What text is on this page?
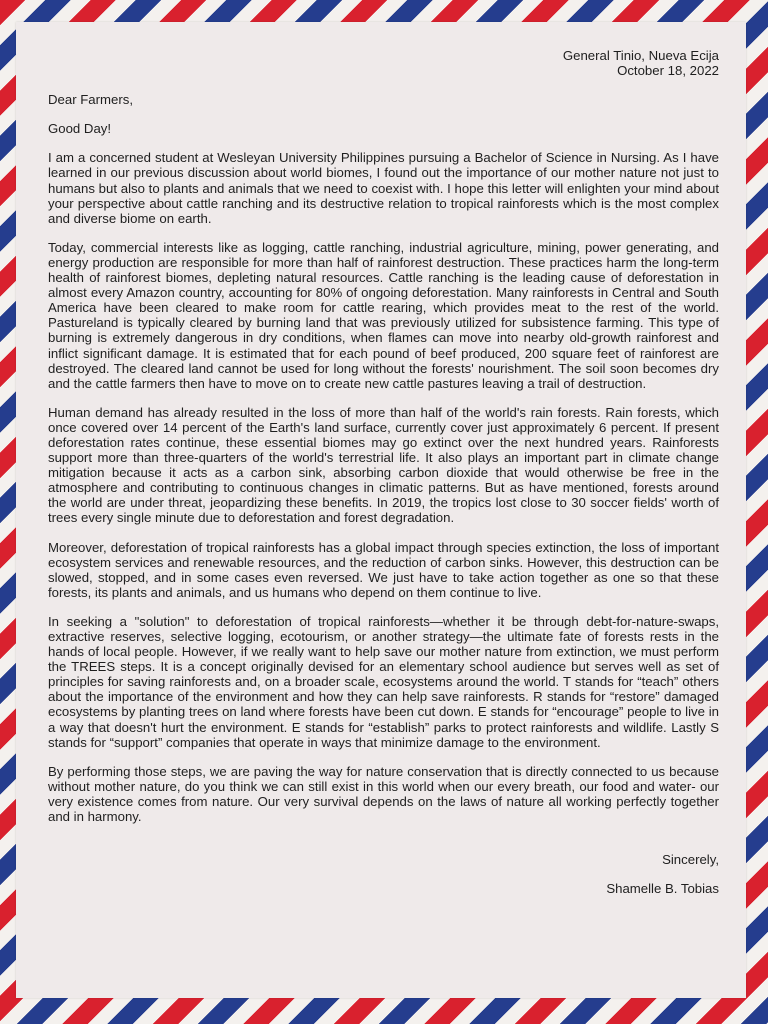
General Tinio, Nueva Ecija
October 18, 2022

Dear Farmers,

Good Day!

I am a concerned student at Wesleyan University Philippines pursuing a Bachelor of Science in Nursing. As I have learned in our previous discussion about world biomes, I found out the importance of our mother nature not just to humans but also to plants and animals that we need to coexist with. I hope this letter will enlighten your mind about your perspective about cattle ranching and its destructive relation to tropical rainforests which is the most complex and diverse biome on earth.

Today, commercial interests like as logging, cattle ranching, industrial agriculture, mining, power generating, and energy production are responsible for more than half of rainforest destruction. These practices harm the long-term health of rainforest biomes, depleting natural resources. Cattle ranching is the leading cause of deforestation in almost every Amazon country, accounting for 80% of ongoing deforestation. Many rainforests in Central and South America have been cleared to make room for cattle rearing, which provides meat to the rest of the world. Pastureland is typically cleared by burning land that was previously utilized for subsistence farming. This type of burning is extremely dangerous in dry conditions, when flames can move into nearby old-growth rainforest and inflict significant damage. It is estimated that for each pound of beef produced, 200 square feet of rainforest are destroyed. The cleared land cannot be used for long without the forests' nourishment. The soil soon becomes dry and the cattle farmers then have to move on to create new cattle pastures leaving a trail of destruction.

Human demand has already resulted in the loss of more than half of the world's rain forests. Rain forests, which once covered over 14 percent of the Earth's land surface, currently cover just approximately 6 percent. If present deforestation rates continue, these essential biomes may go extinct over the next hundred years. Rainforests support more than three-quarters of the world's terrestrial life. It also plays an important part in climate change mitigation because it acts as a carbon sink, absorbing carbon dioxide that would otherwise be free in the atmosphere and contributing to continuous changes in climatic patterns. But as have mentioned, forests around the world are under threat, jeopardizing these benefits. In 2019, the tropics lost close to 30 soccer fields' worth of trees every single minute due to deforestation and forest degradation.

Moreover, deforestation of tropical rainforests has a global impact through species extinction, the loss of important ecosystem services and renewable resources, and the reduction of carbon sinks. However, this destruction can be slowed, stopped, and in some cases even reversed. We just have to take action together as one so that these forests, its plants and animals, and us humans who depend on them continue to live.

In seeking a "solution" to deforestation of tropical rainforests—whether it be through debt-for-nature-swaps, extractive reserves, selective logging, ecotourism, or another strategy—the ultimate fate of forests rests in the hands of local people. However, if we really want to help save our mother nature from extinction, we must perform the TREES steps. It is a concept originally devised for an elementary school audience but serves well as set of principles for saving rainforests and, on a broader scale, ecosystems around the world. T stands for “teach” others about the importance of the environment and how they can help save rainforests. R stands for “restore” damaged ecosystems by planting trees on land where forests have been cut down. E stands for “encourage” people to live in a way that doesn't hurt the environment. E stands for “establish” parks to protect rainforests and wildlife. Lastly S stands for “support” companies that operate in ways that minimize damage to the environment.

By performing those steps, we are paving the way for nature conservation that is directly connected to us because without mother nature, do you think we can still exist in this world when our every breath, our food and water- our very existence comes from nature. Our very survival depends on the laws of nature all working perfectly together and in harmony.

Sincerely,

Shamelle B. Tobias
